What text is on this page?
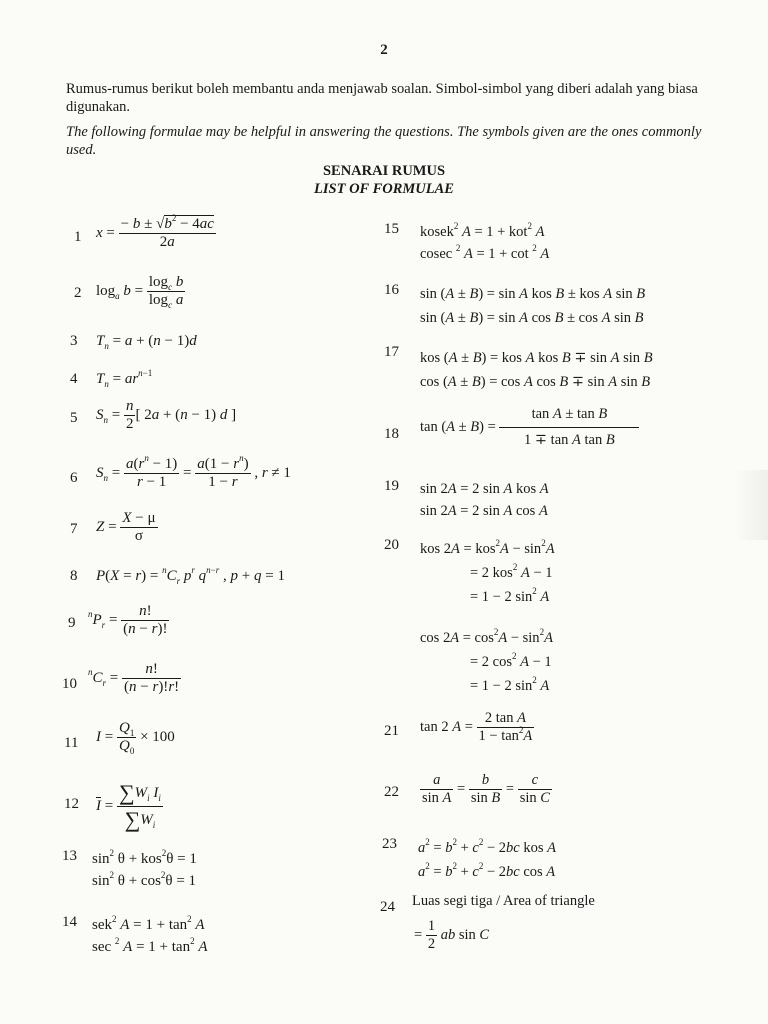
2
Rumus-rumus berikut boleh membantu anda menjawab soalan. Simbol-simbol yang diberi adalah yang biasa digunakan.
The following formulae may be helpful in answering the questions. The symbols given are the ones commonly used.
SENARAI RUMUS
LIST OF FORMULAE
1 $x = \frac{- b \pm √b^2 - 4ac}{2a}$
2 $\log_a b = \frac{\log_c b}{\log_c a}$
3 $T_n = a + (n - 1)d$
4 $T_n = ar^{n-1}$
5 $S_n = \frac{n}{2}$ [ 2a + (n − 1) d ]
6 $S_n = \frac{a(r^n - 1)}{r - 1} = \frac{a(1 - r^n)}{1 - r}$ , r ≠ 1
7 $Z = \frac{X - \mu}{\sigma}$
8 $P(X = r) = ^nC_r$ $p^r$ $q^{n-r}$ , p + q = 1
9
$^nP_r = \frac{n!}{(n - r)!}$
10
$^nC_r = \frac{n!}{(n - r)!r!}$
11 $I = \frac{Q_1}{Q_0} \times 100$
12 $\overline{I} = \frac{\sum W_i I_i}{\sum W_i}$
13 $\sin^2 \theta + kos^2\theta = 1$
$\sin^2 \theta + \cos^2\theta = 1$
14 sek$^2$ $A = 1 + \tan^2 A$
sec $^2$ $A = 1 + \tan^2 A$
15 kosek$^2$ A = 1 + kot$^2$ A
cosec $^2$ A = 1 + cot $^2$ A
16 sin (A ± B) = sin A kos B ± kos A sin B
sin (A ± B) = sin A cos B ± cos A sin B
17 kos (A ± B) = kos A kos B ∓ sin A sin B
cos (A ± B) = cos A cos B ∓ sin A sin B
18 $\tan (A \pm B) = \frac{\text{tan A ± tan B}}{\text{1 ∓ tan A tan B}}$
19 sin 2A = 2 sin A kos A
sin 2A = 2 sin A cos A
20 kos $2A = kos^2A - \sin^2A$
= 2 kos$^2$ A − 1
= 1 − 2 $\sin^2 A$
$\cos 2A = \cos^2A - \sin^2A$
= 2 $\cos^2 A - 1$
= 1 − 2 $\sin^2 A$
21 tan 2 $A = \frac{\text{2 tan A}}{1 - \tan^2A}$
$22 \frac{a}{\text{sin A}} = \frac{b}{\text{sin B}} = \frac{c}{\text{sin C}}$
23 $a^2 = b^2 + c^2 - 2bc$ kos A
$a^2 = b^2 + c^2 - 2bc$ cos A
24 Luas segi tiga / Area of triangle
= $\frac{1}{2}$ ab sin C
